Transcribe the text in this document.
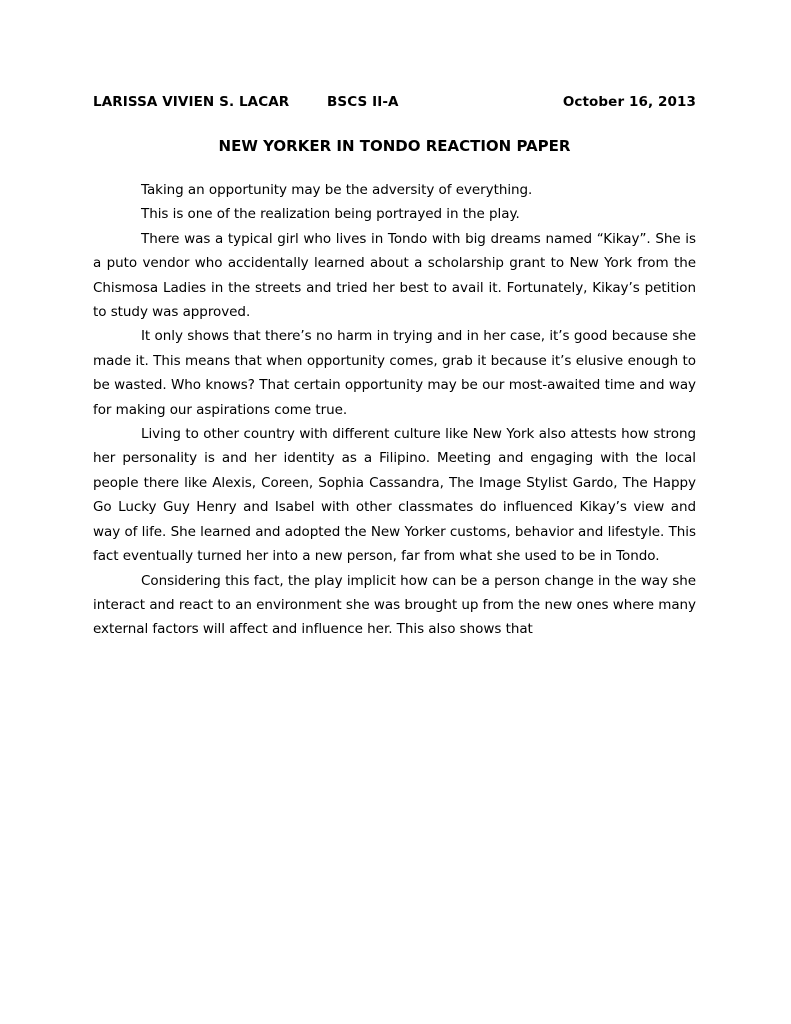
LARISSA VIVIEN S. LACAR	BSCS II-A	October 16, 2013
NEW YORKER IN TONDO REACTION PAPER

Taking an opportunity may be the adversity of everything.

This is one of the realization being portrayed in the play.

There was a typical girl who lives in Tondo with big dreams named “Kikay”. She is a puto vendor who accidentally learned about a scholarship grant to New York from the Chismosa Ladies in the streets and tried her best to avail it. Fortunately, Kikay’s petition to study was approved.

It only shows that there’s no harm in trying and in her case, it’s good because she made it. This means that when opportunity comes, grab it because it’s elusive enough to be wasted. Who knows? That certain opportunity may be our most-awaited time and way for making our aspirations come true.

Living to other country with different culture like New York also attests how strong her personality is and her identity as a Filipino. Meeting and engaging with the local people there like Alexis, Coreen, Sophia Cassandra, The Image Stylist Gardo, The Happy Go Lucky Guy Henry and Isabel with other classmates do influenced Kikay’s view and way of life. She learned and adopted the New Yorker customs, behavior and lifestyle. This fact eventually turned her into a new person, far from what she used to be in Tondo.

Considering this fact, the play implicit how can be a person change in the way she interact and react to an environment she was brought up from the new ones where many external factors will affect and influence her. This also shows that
